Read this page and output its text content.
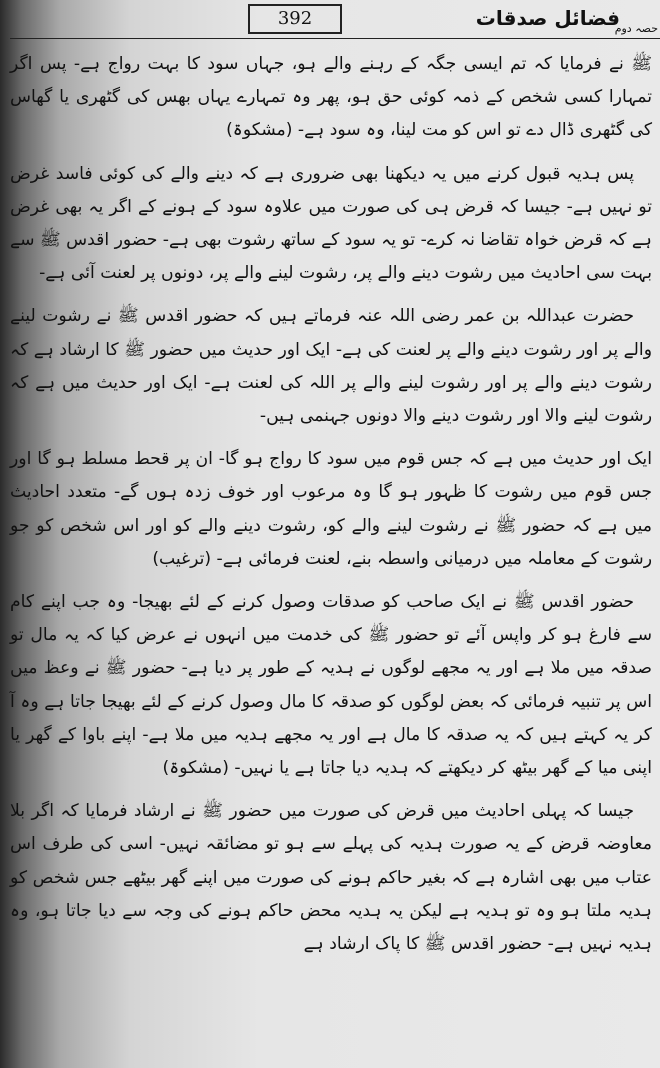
392	فضائل صدقات
حصہ دوم

ﷺ نے فرمایا کہ تم ایسی جگہ کے رہنے والے ہو، جہاں سود کا بہت رواج ہے- پس اگر تمہارا کسی شخص کے ذمہ کوئی حق ہو، پھر وہ تمہارے یہاں بھس کی گٹھری یا گھاس کی گٹھری ڈال دے تو اس کو مت لینا، وہ سود ہے- (مشکوۃ)

پس ہدیہ قبول کرنے میں یہ دیکھنا بھی ضروری ہے کہ دینے والے کی کوئی فاسد غرض تو نہیں ہے- جیسا کہ قرض ہی کی صورت میں علاوہ سود کے ہونے کے اگر یہ بھی غرض ہے کہ قرض خواہ تقاضا نہ کرے- تو یہ سود کے ساتھ رشوت بھی ہے- حضور اقدس ﷺ سے بہت سی احادیث میں رشوت دینے والے پر، رشوت لینے والے پر، دونوں پر لعنت آئی ہے-

حضرت عبداللہ بن عمر رضی اللہ عنہ فرماتے ہیں کہ حضور اقدس ﷺ نے رشوت لینے والے پر اور رشوت دینے والے پر لعنت کی ہے- ایک اور حدیث میں حضور ﷺ کا ارشاد ہے کہ رشوت دینے والے پر اور رشوت لینے والے پر اللہ کی لعنت ہے- ایک اور حدیث میں ہے کہ رشوت لینے والا اور رشوت دینے والا دونوں جہنمی ہیں-

ایک اور حدیث میں ہے کہ جس قوم میں سود کا رواج ہو گا- ان پر قحط مسلط ہو گا اور جس قوم میں رشوت کا ظہور ہو گا وہ مرعوب اور خوف زدہ ہوں گے- متعدد احادیث میں ہے کہ حضور ﷺ نے رشوت لینے والے کو، رشوت دینے والے کو اور اس شخص کو جو رشوت کے معاملہ میں درمیانی واسطہ بنے، لعنت فرمائی ہے- (ترغیب)

حضور اقدس ﷺ نے ایک صاحب کو صدقات وصول کرنے کے لئے بھیجا- وہ جب اپنے کام سے فارغ ہو کر واپس آئے تو حضور ﷺ کی خدمت میں انہوں نے عرض کیا کہ یہ مال تو صدقہ میں ملا ہے اور یہ مجھے لوگوں نے ہدیہ کے طور پر دیا ہے- حضور ﷺ نے وعظ میں اس پر تنبیہ فرمائی کہ بعض لوگوں کو صدقہ کا مال وصول کرنے کے لئے بھیجا جاتا ہے وہ آ کر یہ کہتے ہیں کہ یہ صدقہ کا مال ہے اور یہ مجھے ہدیہ میں ملا ہے- اپنے باوا کے گھر یا اپنی میا کے گھر بیٹھ کر دیکھتے کہ ہدیہ دیا جاتا ہے یا نہیں- (مشکوۃ)

جیسا کہ پہلی احادیث میں قرض کی صورت میں حضور ﷺ نے ارشاد فرمایا کہ اگر بلا معاوضہ قرض کے یہ صورت ہدیہ کی پہلے سے ہو تو مضائقہ نہیں- اسی کی طرف اس عتاب میں بھی اشارہ ہے کہ بغیر حاکم ہونے کی صورت میں اپنے گھر بیٹھے جس شخص کو ہدیہ ملتا ہو وہ تو ہدیہ ہے لیکن یہ ہدیہ محض حاکم ہونے کی وجہ سے دیا جاتا ہو، وہ ہدیہ نہیں ہے- حضور اقدس ﷺ کا پاک ارشاد ہے
